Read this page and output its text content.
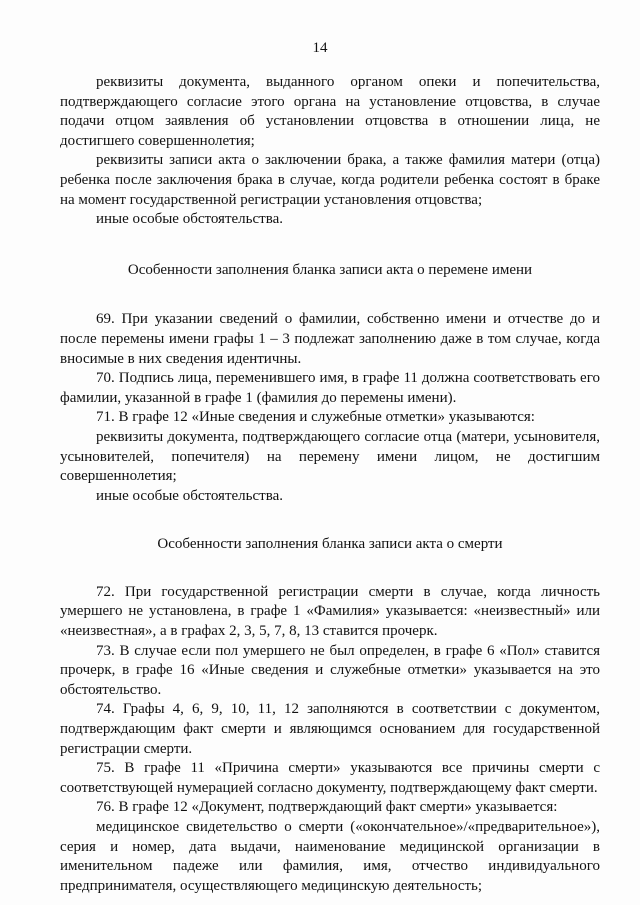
14

реквизиты документа, выданного органом опеки и попечительства, подтверждающего согласие этого органа на установление отцовства, в случае подачи отцом заявления об установлении отцовства в отношении лица, не достигшего совершеннолетия;

реквизиты записи акта о заключении брака, а также фамилия матери (отца) ребенка после заключения брака в случае, когда родители ребенка состоят в браке на момент государственной регистрации установления отцовства;

иные особые обстоятельства.

Особенности заполнения бланка записи акта о перемене имени

69. При указании сведений о фамилии, собственно имени и отчестве до и после перемены имени графы 1 – 3 подлежат заполнению даже в том случае, когда вносимые в них сведения идентичны.

70. Подпись лица, переменившего имя, в графе 11 должна соответствовать его фамилии, указанной в графе 1 (фамилия до перемены имени).

71. В графе 12 «Иные сведения и служебные отметки» указываются:

реквизиты документа, подтверждающего согласие отца (матери, усыновителя, усыновителей, попечителя) на перемену имени лицом, не достигшим совершеннолетия;

иные особые обстоятельства.

Особенности заполнения бланка записи акта о смерти

72. При государственной регистрации смерти в случае, когда личность умершего не установлена, в графе 1 «Фамилия» указывается: «неизвестный» или «неизвестная», а в графах 2, 3, 5, 7, 8, 13 ставится прочерк.

73. В случае если пол умершего не был определен, в графе 6 «Пол» ставится прочерк, в графе 16 «Иные сведения и служебные отметки» указывается на это обстоятельство.

74. Графы 4, 6, 9, 10, 11, 12 заполняются в соответствии с документом, подтверждающим факт смерти и являющимся основанием для государственной регистрации смерти.

75. В графе 11 «Причина смерти» указываются все причины смерти с соответствующей нумерацией согласно документу, подтверждающему факт смерти.

76. В графе 12 «Документ, подтверждающий факт смерти» указывается:

медицинское свидетельство о смерти («окончательное»/«предварительное»), серия и номер, дата выдачи, наименование медицинской организации в именительном падеже или фамилия, имя, отчество индивидуального предпринимателя, осуществляющего медицинскую деятельность;
